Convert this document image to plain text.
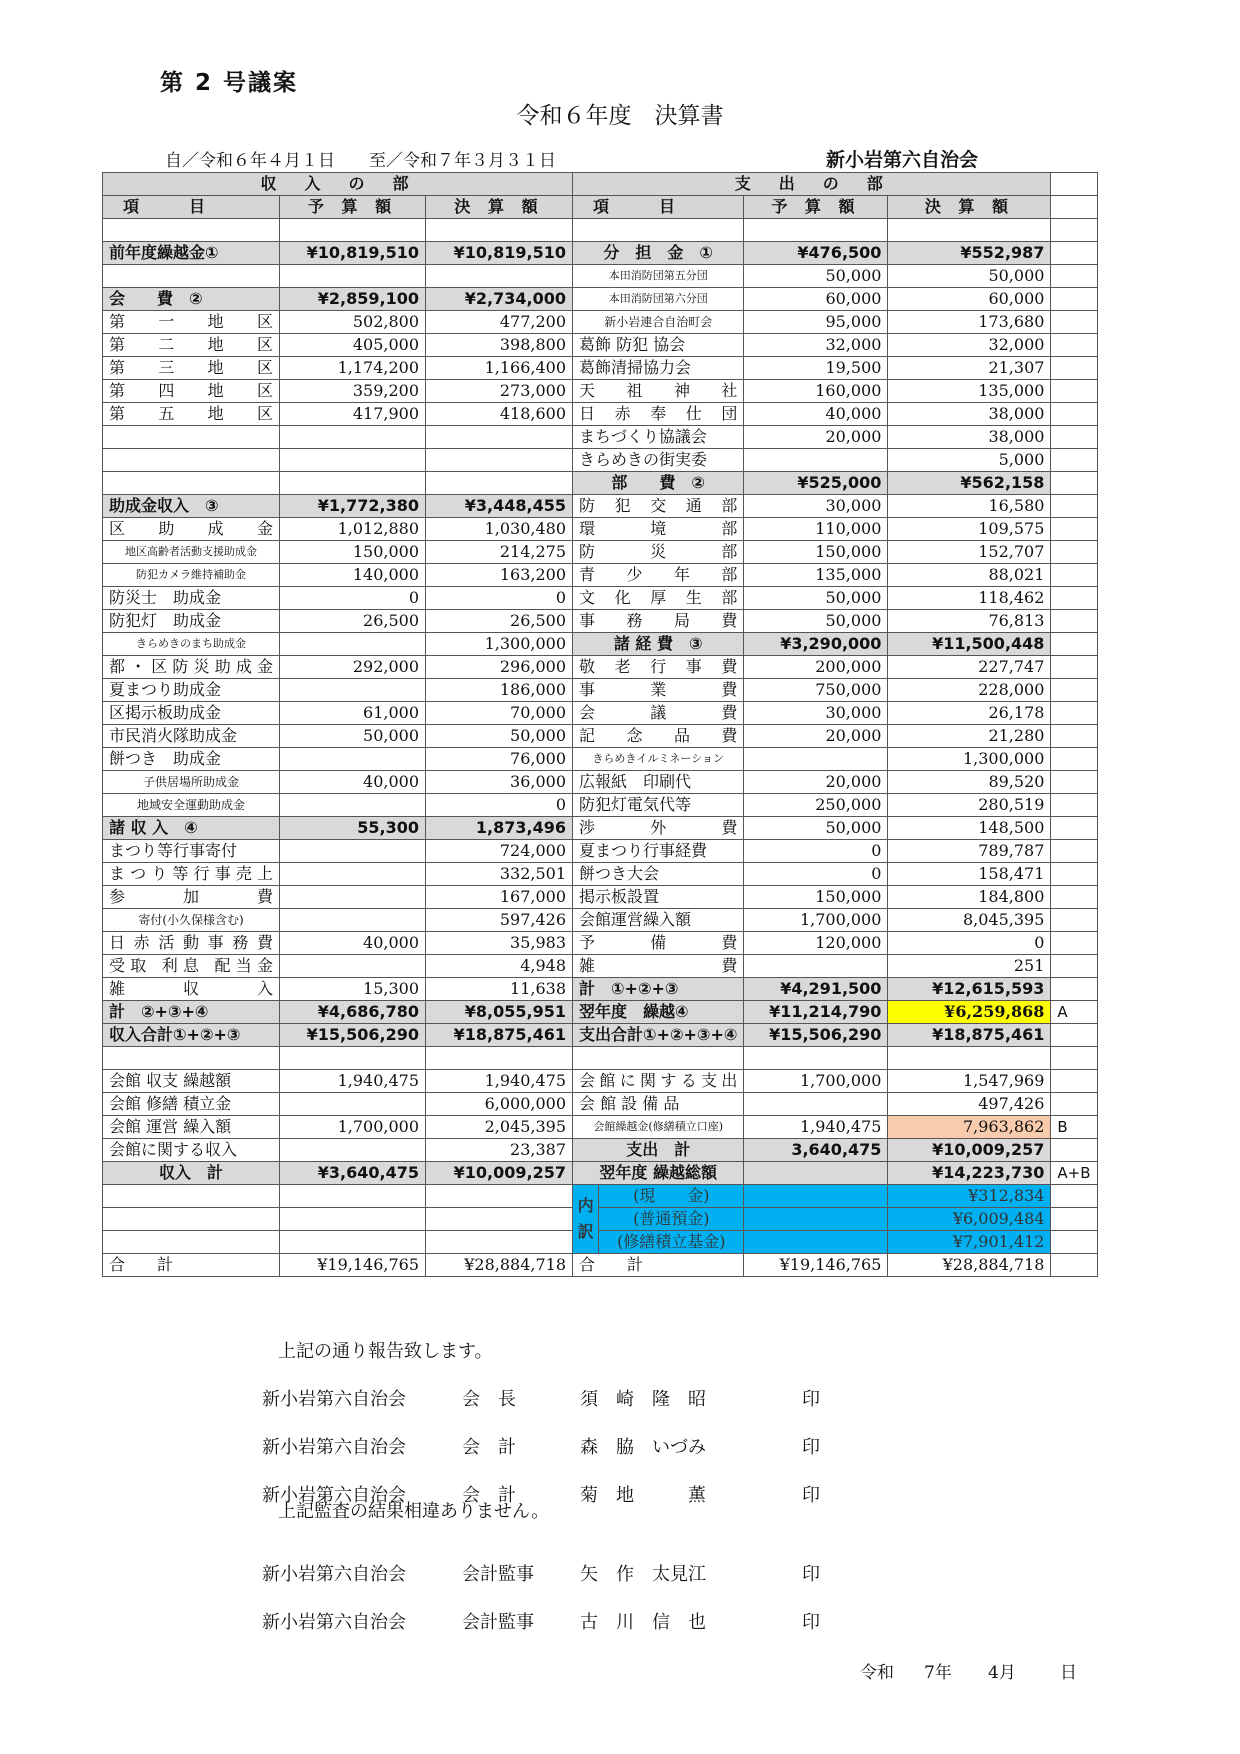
第 2 号議案
令和６年度　決算書
自／令和６年４月１日　　至／令和７年３月３１日	新小岩第六自治会
収　入　の　部			支　出　の　部				
項　　目	予 算 額	決 算 額	項　　目		予 算 額	決 算 額	

前年度繰越金①	¥10,819,510	¥10,819,510	分　担　金　①		¥476,500	¥552,987	
			本田消防団第五分団		50,000	50,000	
会　　費　②	¥2,859,100	¥2,734,000	本田消防団第六分団		60,000	60,000	
第一地区	502,800	477,200	新小岩連合自治町会		95,000	173,680	
第二地区	405,000	398,800	葛飾 防犯 協会		32,000	32,000	
第三地区	1,174,200	1,166,400	葛飾清掃協力会		19,500	21,307	
第四地区	359,200	273,000	天祖神社		160,000	135,000	
第五地区	417,900	418,600	日赤奉仕団		40,000	38,000	
			まちづくり協議会		20,000	38,000	
			きらめきの街実委			5,000	
			部　　費　②		¥525,000	¥562,158	
助成金収入　③	¥1,772,380	¥3,448,455	防犯交通部		30,000	16,580	
区助成金	1,012,880	1,030,480	環境部		110,000	109,575	
地区高齢者活動支援助成金	150,000	214,275	防災部		150,000	152,707	
防犯カメラ維持補助金	140,000	163,200	青少年部		135,000	88,021	
防災士　助成金	0	0	文化厚生部		50,000	118,462	
防犯灯　助成金	26,500	26,500	事務局費		50,000	76,813	
きらめきのまち助成金		1,300,000	諸 経 費　③		¥3,290,000	¥11,500,448	
都・区防災助成金	292,000	296,000	敬老行事費		200,000	227,747	
夏まつり助成金		186,000	事業費		750,000	228,000	
区掲示板助成金	61,000	70,000	会議費		30,000	26,178	
市民消火隊助成金	50,000	50,000	記念品費		20,000	21,280	
餅つき　助成金		76,000	きらめきイルミネーション			1,300,000	
子供居場所助成金	40,000	36,000	広報紙　印刷代		20,000	89,520	
地域安全運動助成金		0	防犯灯電気代等		250,000	280,519	
諸 収 入　④	55,300	1,873,496	渉外費		50,000	148,500	
まつり等行事寄付		724,000	夏まつり行事経費		0	789,787	
まつり等行事売上		332,501	餅つき大会		0	158,471	
参加費		167,000	掲示板設置		150,000	184,800	
寄付(小久保様含む)		597,426	会館運営繰入額		1,700,000	8,045,395	
日赤活動事務費	40,000	35,983	予備費		120,000	0	
受取 利息 配当金		4,948	雑費			251	
雑収入	15,300	11,638	計　①+②+③		¥4,291,500	¥12,615,593	
計　②+③+④	¥4,686,780	¥8,055,951	翌年度　繰越④		¥11,214,790	¥6,259,868	A
収入合計①+②+③	¥15,506,290	¥18,875,461	支出合計①+②+③+④		¥15,506,290	¥18,875,461	

会館 収支 繰越額	1,940,475	1,940,475	会館に関する支出		1,700,000	1,547,969	
会館 修繕 積立金		6,000,000	会 館 設 備 品			497,426	
会館 運営 繰入額	1,700,000	2,045,395	会館繰越金(修繕積立口座)		1,940,475	7,963,862	B
会館に関する収入		23,387	支出　計		3,640,475	¥10,009,257	
収入　計	¥3,640,475	¥10,009,257	翌年度 繰越総額			¥14,223,730	A+B
			内訳	(現　　金)		¥312,834	
				(普通預金)		¥6,009,484	
				(修繕積立基金)		¥7,901,412	
合　　計	¥19,146,765	¥28,884,718	合　　計		¥19,146,765	¥28,884,718	
上記の通り報告致します。
上記監査の結果相違ありません。
新小岩第六自治会	会　長	須　崎　隆　昭	印
新小岩第六自治会	会　計	森　脇　いづみ	印
新小岩第六自治会	会　計	菊　地　　　薫	印
新小岩第六自治会	会計監事	矢　作　太見江	印
新小岩第六自治会	会計監事	古　川　信　也	印
令和 7年 4月	日
